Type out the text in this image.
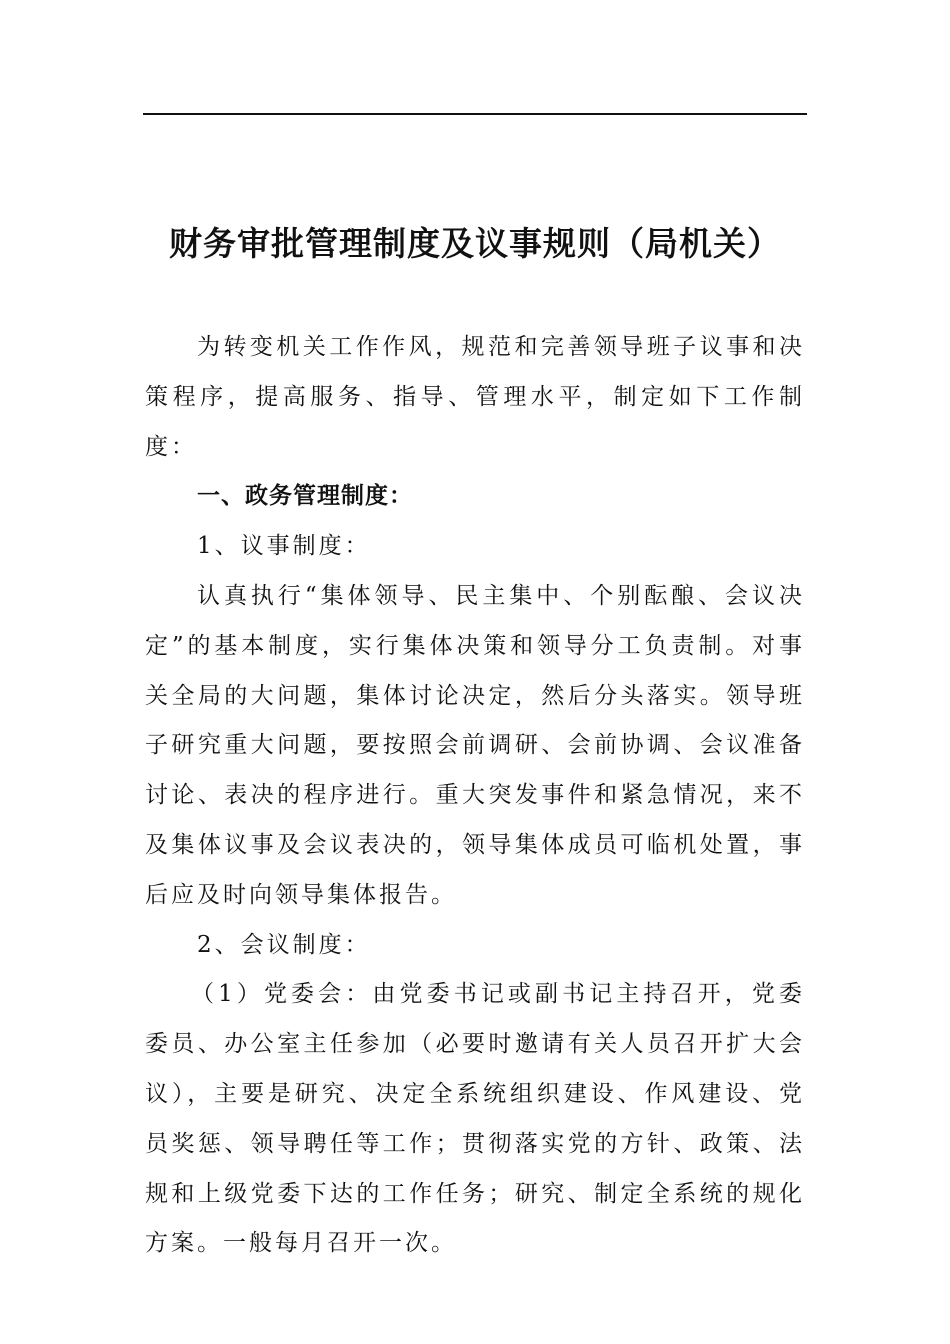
财务审批管理制度及议事规则（局机关）

为转变机关工作作风，规范和完善领导班子议事和决策程序，提高服务、指导、管理水平，制定如下工作制度：

一、政务管理制度：

1、议事制度：

认真执行“集体领导、民主集中、个别酝酿、会议决定”的基本制度，实行集体决策和领导分工负责制。对事关全局的大问题，集体讨论决定，然后分头落实。领导班子研究重大问题，要按照会前调研、会前协调、会议准备讨论、表决的程序进行。重大突发事件和紧急情况，来不及集体议事及会议表决的，领导集体成员可临机处置，事后应及时向领导集体报告。

2、会议制度：

（1）党委会：由党委书记或副书记主持召开，党委委员、办公室主任参加（必要时邀请有关人员召开扩大会议），主要是研究、决定全系统组织建设、作风建设、党员奖惩、领导聘任等工作；贯彻落实党的方针、政策、法规和上级党委下达的工作任务；研究、制定全系统的规化方案。一般每月召开一次。
